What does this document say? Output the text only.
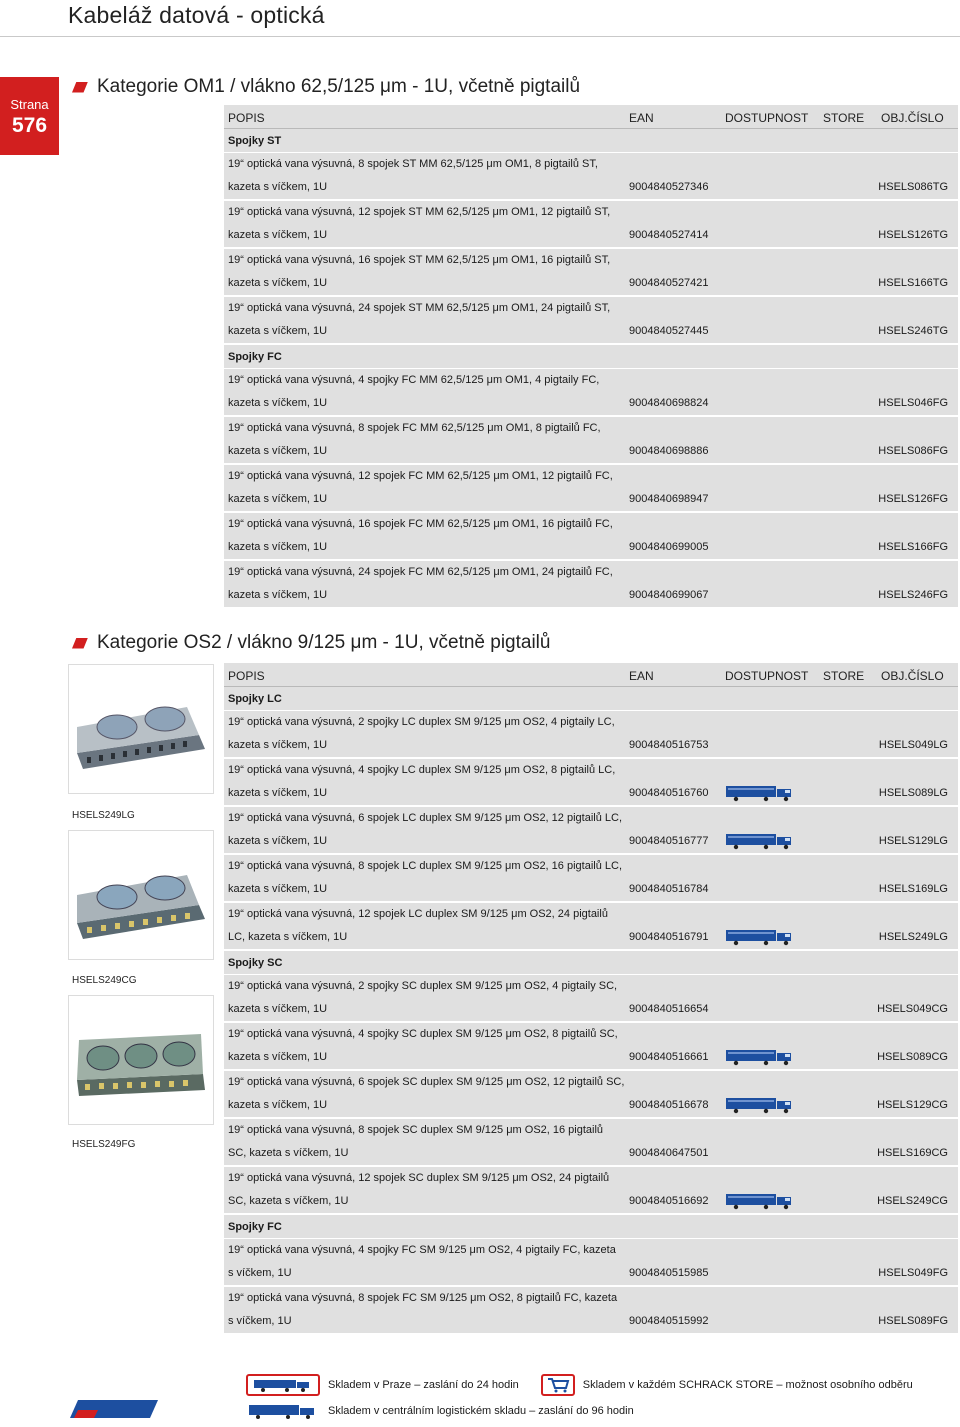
Kabeláž datová - optická
Strana
576
Kategorie OM1 / vlákno 62,5/125 μm - 1U, včetně pigtailů
POPIS	EAN	DOSTUPNOST STORE OBJ.ČÍSLO
Spojky ST
19“ optická vana výsuvná, 8 spojek ST MM 62,5/125 μm OM1, 8 pigtailů ST,
kazeta s víčkem, 1U	9004840527346	HSELS086TG
19“ optická vana výsuvná, 12 spojek ST MM 62,5/125 μm OM1, 12 pigtailů ST,
kazeta s víčkem, 1U	9004840527414	HSELS126TG
19“ optická vana výsuvná, 16 spojek ST MM 62,5/125 μm OM1, 16 pigtailů ST,
kazeta s víčkem, 1U	9004840527421	HSELS166TG
19“ optická vana výsuvná, 24 spojek ST MM 62,5/125 μm OM1, 24 pigtailů ST,
kazeta s víčkem, 1U	9004840527445	HSELS246TG
Spojky FC
19“ optická vana výsuvná, 4 spojky FC MM 62,5/125 μm OM1, 4 pigtaily FC,
kazeta s víčkem, 1U	9004840698824	HSELS046FG
19“ optická vana výsuvná, 8 spojek FC MM 62,5/125 μm OM1, 8 pigtailů FC,
kazeta s víčkem, 1U	9004840698886	HSELS086FG
19“ optická vana výsuvná, 12 spojek FC MM 62,5/125 μm OM1, 12 pigtailů FC,
kazeta s víčkem, 1U	9004840698947	HSELS126FG
19“ optická vana výsuvná, 16 spojek FC MM 62,5/125 μm OM1, 16 pigtailů FC,
kazeta s víčkem, 1U	9004840699005	HSELS166FG
19“ optická vana výsuvná, 24 spojek FC MM 62,5/125 μm OM1, 24 pigtailů FC,
kazeta s víčkem, 1U	9004840699067	HSELS246FG
Kategorie OS2 / vlákno 9/125 μm - 1U, včetně pigtailů
HSELS249LG
HSELS249CG
HSELS249FG
POPIS	EAN	DOSTUPNOST STORE OBJ.ČÍSLO
Spojky LC
19“ optická vana výsuvná, 2 spojky LC duplex SM 9/125 μm OS2, 4 pigtaily LC,
kazeta s víčkem, 1U	9004840516753	HSELS049LG
19“ optická vana výsuvná, 4 spojky LC duplex SM 9/125 μm OS2, 8 pigtailů LC,
kazeta s víčkem, 1U	9004840516760	HSELS089LG
19“ optická vana výsuvná, 6 spojek LC duplex SM 9/125 μm OS2, 12 pigtailů LC,
kazeta s víčkem, 1U	9004840516777	HSELS129LG
19“ optická vana výsuvná, 8 spojek LC duplex SM 9/125 μm OS2, 16 pigtailů LC,
kazeta s víčkem, 1U	9004840516784	HSELS169LG
19“ optická vana výsuvná, 12 spojek LC duplex SM 9/125 μm OS2, 24 pigtailů
LC, kazeta s víčkem, 1U	9004840516791	HSELS249LG
Spojky SC
19“ optická vana výsuvná, 2 spojky SC duplex SM 9/125 μm OS2, 4 pigtaily SC,
kazeta s víčkem, 1U	9004840516654	HSELS049CG
19“ optická vana výsuvná, 4 spojky SC duplex SM 9/125 μm OS2, 8 pigtailů SC,
kazeta s víčkem, 1U	9004840516661	HSELS089CG
19“ optická vana výsuvná, 6 spojek SC duplex SM 9/125 μm OS2, 12 pigtailů SC,
kazeta s víčkem, 1U	9004840516678	HSELS129CG
19“ optická vana výsuvná, 8 spojek SC duplex SM 9/125 μm OS2, 16 pigtailů
SC, kazeta s víčkem, 1U	9004840647501	HSELS169CG
19“ optická vana výsuvná, 12 spojek SC duplex SM 9/125 μm OS2, 24 pigtailů
SC, kazeta s víčkem, 1U	9004840516692	HSELS249CG
Spojky FC
19“ optická vana výsuvná, 4 spojky FC SM 9/125 μm OS2, 4 pigtaily FC, kazeta
s víčkem, 1U	9004840515985	HSELS049FG
19“ optická vana výsuvná, 8 spojek FC SM 9/125 μm OS2, 8 pigtailů FC, kazeta
s víčkem, 1U	9004840515992	HSELS089FG
Skladem v Praze – zaslání do 24 hodin	Skladem v každém SCHRACK STORE – možnost osobního odběru
Skladem v centrálním logistickém skladu – zaslání do 96 hodin
